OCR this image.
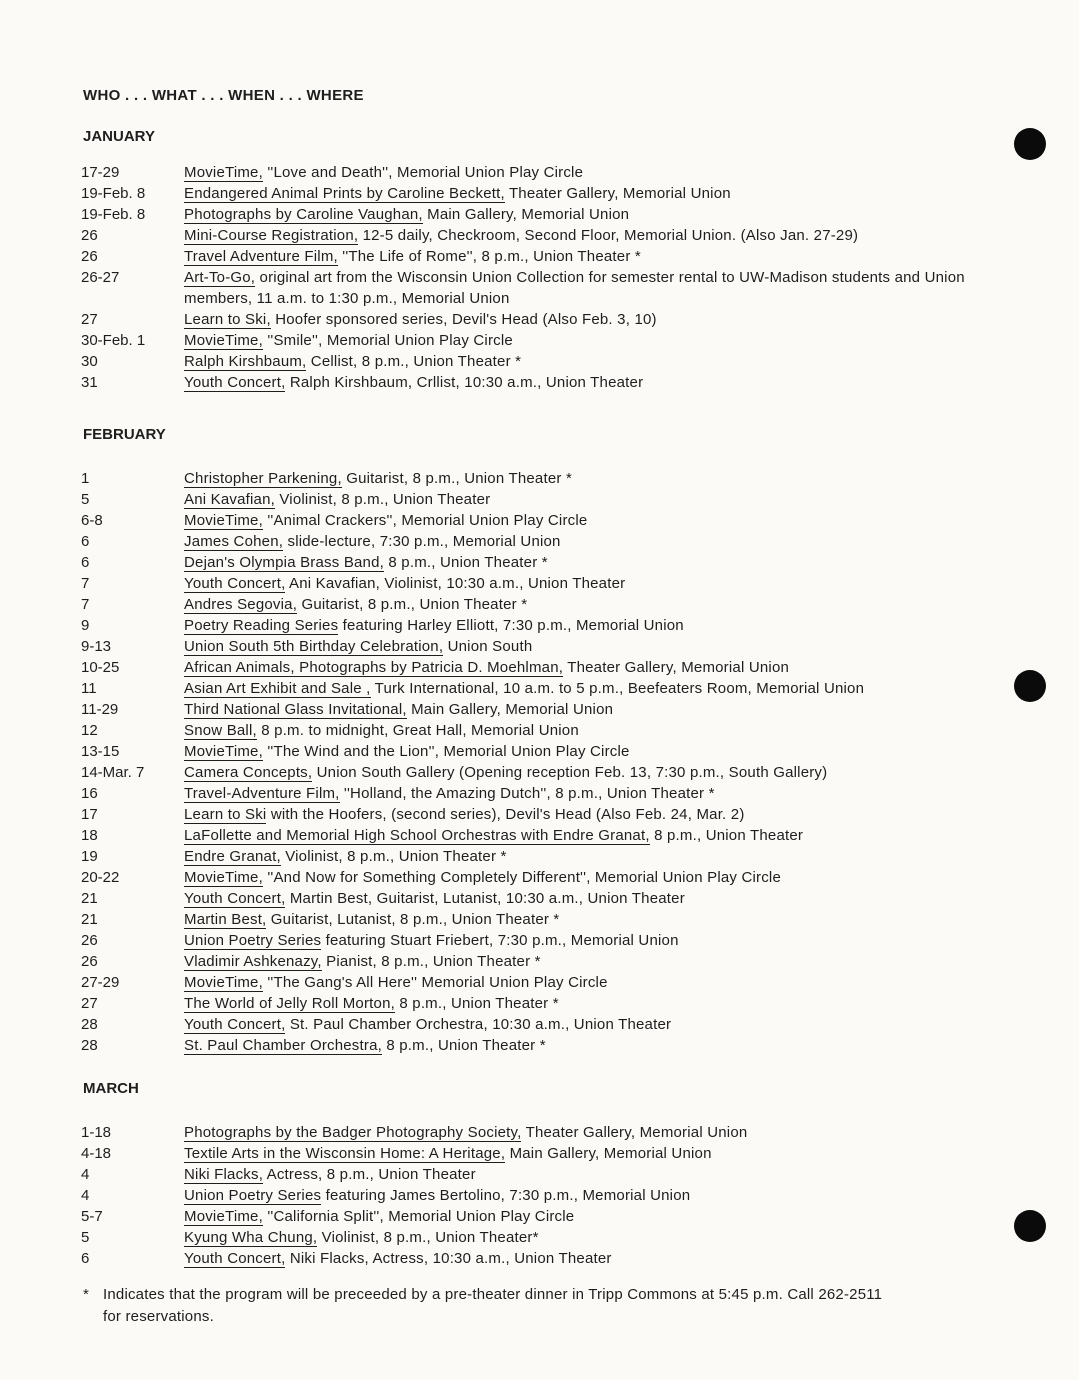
WHO . . . WHAT . . . WHEN . . . WHERE
JANUARY
17-29	MovieTime, ''Love and Death'', Memorial Union Play Circle
19-Feb. 8	Endangered Animal Prints by Caroline Beckett, Theater Gallery, Memorial Union
19-Feb. 8	Photographs by Caroline Vaughan, Main Gallery, Memorial Union
26	Mini-Course Registration, 12-5 daily, Checkroom, Second Floor, Memorial Union. (Also Jan. 27-29)
26	Travel Adventure Film, ''The Life of Rome'', 8 p.m., Union Theater *
26-27	Art-To-Go, original art from the Wisconsin Union Collection for semester rental to UW-Madison students and Union members, 11 a.m. to 1:30 p.m., Memorial Union
27	Learn to Ski, Hoofer sponsored series, Devil's Head (Also Feb. 3, 10)
30-Feb. 1	MovieTime, ''Smile'', Memorial Union Play Circle
30	Ralph Kirshbaum, Cellist, 8 p.m., Union Theater *
31	Youth Concert, Ralph Kirshbaum, Crllist, 10:30 a.m., Union Theater
FEBRUARY
1	Christopher Parkening, Guitarist, 8 p.m., Union Theater *
5	Ani Kavafian, Violinist, 8 p.m., Union Theater
6-8	MovieTime, ''Animal Crackers'', Memorial Union Play Circle
6	James Cohen, slide-lecture, 7:30 p.m., Memorial Union
6	Dejan's Olympia Brass Band, 8 p.m., Union Theater *
7	Youth Concert, Ani Kavafian, Violinist, 10:30 a.m., Union Theater
7	Andres Segovia, Guitarist, 8 p.m., Union Theater *
9	Poetry Reading Series featuring Harley Elliott, 7:30 p.m., Memorial Union
9-13	Union South 5th Birthday Celebration, Union South
10-25	African Animals, Photographs by Patricia D. Moehlman, Theater Gallery, Memorial Union
11	Asian Art Exhibit and Sale , Turk International, 10 a.m. to 5 p.m., Beefeaters Room, Memorial Union
11-29	Third National Glass Invitational, Main Gallery, Memorial Union
12	Snow Ball, 8 p.m. to midnight, Great Hall, Memorial Union
13-15	MovieTime, ''The Wind and the Lion'', Memorial Union Play Circle
14-Mar. 7	Camera Concepts, Union South Gallery (Opening reception Feb. 13, 7:30 p.m., South Gallery)
16	Travel-Adventure Film, ''Holland, the Amazing Dutch'', 8 p.m., Union Theater *
17	Learn to Ski with the Hoofers, (second series), Devil's Head (Also Feb. 24, Mar. 2)
18	LaFollette and Memorial High School Orchestras with Endre Granat, 8 p.m., Union Theater
19	Endre Granat, Violinist, 8 p.m., Union Theater *
20-22	MovieTime, ''And Now for Something Completely Different'', Memorial Union Play Circle
21	Youth Concert, Martin Best, Guitarist, Lutanist, 10:30 a.m., Union Theater
21	Martin Best, Guitarist, Lutanist, 8 p.m., Union Theater *
26	Union Poetry Series featuring Stuart Friebert, 7:30 p.m., Memorial Union
26	Vladimir Ashkenazy, Pianist, 8 p.m., Union Theater *
27-29	MovieTime, ''The Gang's All Here'' Memorial Union Play Circle
27	The World of Jelly Roll Morton, 8 p.m., Union Theater *
28	Youth Concert, St. Paul Chamber Orchestra, 10:30 a.m., Union Theater
28	St. Paul Chamber Orchestra, 8 p.m., Union Theater *
MARCH
1-18	Photographs by the Badger Photography Society, Theater Gallery, Memorial Union
4-18	Textile Arts in the Wisconsin Home: A Heritage, Main Gallery, Memorial Union
4	Niki Flacks, Actress, 8 p.m., Union Theater
4	Union Poetry Series featuring James Bertolino, 7:30 p.m., Memorial Union
5-7	MovieTime, ''California Split'', Memorial Union Play Circle
5	Kyung Wha Chung, Violinist, 8 p.m., Union Theater*
6	Youth Concert, Niki Flacks, Actress, 10:30 a.m., Union Theater
* Indicates that the program will be preceeded by a pre-theater dinner in Tripp Commons at 5:45 p.m. Call 262-2511
for reservations.
